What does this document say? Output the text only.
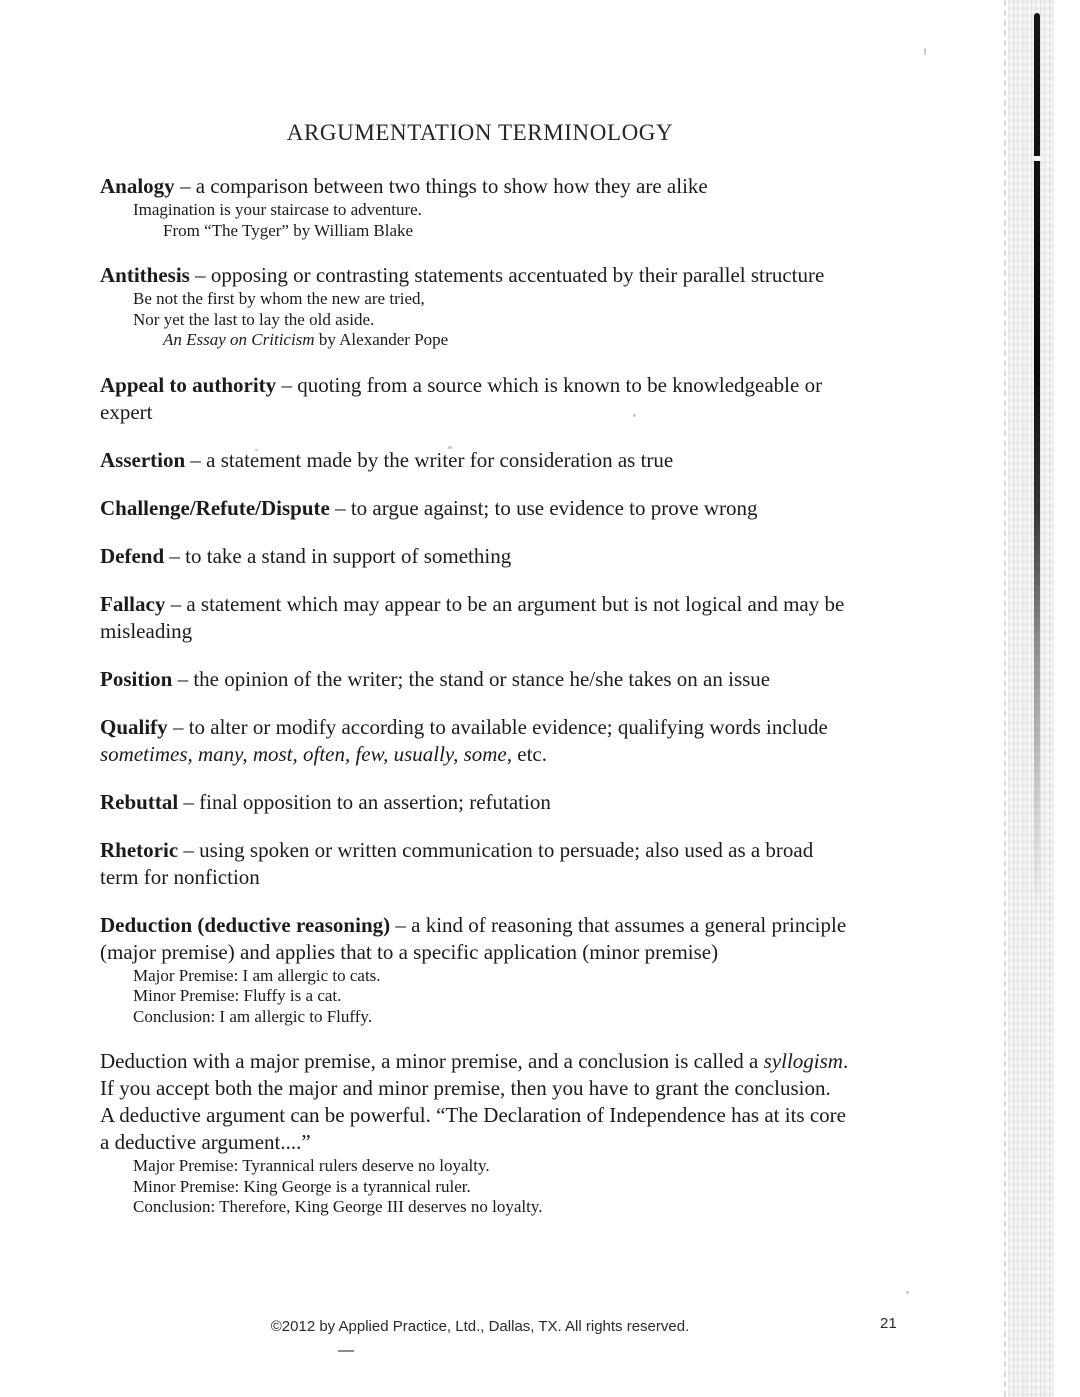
ARGUMENTATION TERMINOLOGY
Analogy – a comparison between two things to show how they are alike
Imagination is your staircase to adventure.
From “The Tyger” by William Blake
Antithesis – opposing or contrasting statements accentuated by their parallel structure
Be not the first by whom the new are tried,
Nor yet the last to lay the old aside.
An Essay on Criticism by Alexander Pope
Appeal to authority – quoting from a source which is known to be knowledgeable or
expert
Assertion – a statement made by the writer for consideration as true
Challenge/Refute/Dispute – to argue against; to use evidence to prove wrong
Defend – to take a stand in support of something
Fallacy – a statement which may appear to be an argument but is not logical and may be
misleading
Position – the opinion of the writer; the stand or stance he/she takes on an issue
Qualify – to alter or modify according to available evidence; qualifying words include
sometimes, many, most, often, few, usually, some, etc.
Rebuttal – final opposition to an assertion; refutation
Rhetoric – using spoken or written communication to persuade; also used as a broad
term for nonfiction
Deduction (deductive reasoning) – a kind of reasoning that assumes a general principle
(major premise) and applies that to a specific application (minor premise)
Major Premise: I am allergic to cats.
Minor Premise: Fluffy is a cat.
Conclusion: I am allergic to Fluffy.
Deduction with a major premise, a minor premise, and a conclusion is called a syllogism.
If you accept both the major and minor premise, then you have to grant the conclusion.
A deductive argument can be powerful. “The Declaration of Independence has at its core
a deductive argument....”
Major Premise: Tyrannical rulers deserve no loyalty.
Minor Premise: King George is a tyrannical ruler.
Conclusion: Therefore, King George III deserves no loyalty.
©2012 by Applied Practice, Ltd., Dallas, TX. All rights reserved.	21
